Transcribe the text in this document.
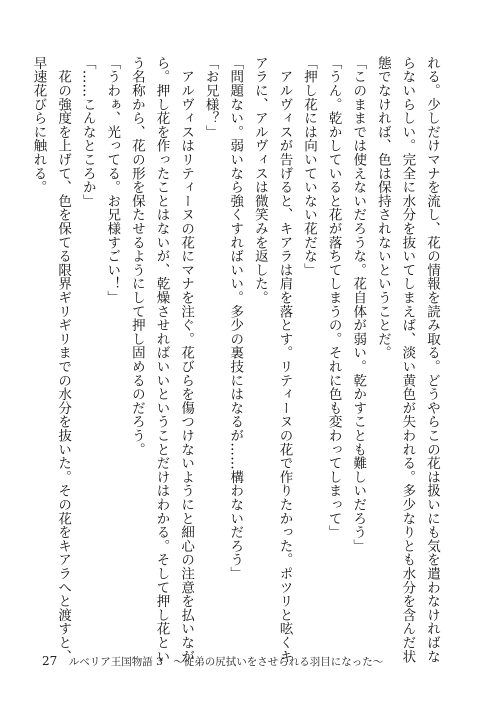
れる。少しだけマナを流し、花の情報を読み取る。どうやらこの花は扱いにも気を遣わなければな
らないらしい。完全に水分を抜いてしまえば、淡い黄色が失われる。多少なりとも水分を含んだ状
態でなければ、色は保持されないということだ。
「このままでは使えないだろうな。花自体が弱い。乾かすことも難しいだろう」
「うん。乾かしていると花が落ちてしまうの。それに色も変わってしまって」
「押し花には向いていない花だな」
　アルヴィスが告げると、キアラは肩を落とす。リティーヌの花で作りたかった。ポツリと呟くキ
アラに、アルヴィスは微笑みを返した。
「問題ない。弱いなら強くすればいい。多少の裏技にはなるが……構わないだろう」
「お兄様？」
　アルヴィスはリティーヌの花にマナを注ぐ。花びらを傷つけないようにと細心の注意を払いなが
ら。押し花を作ったことはないが、乾燥させればいいということだけはわかる。そして押し花とい
う名称から、花の形を保たせるようにして押し固めるのだろう。
「うわぁ、光ってる。お兄様すごい！」
「……こんなところか」
　花の強度を上げて、色を保てる限界ギリギリまでの水分を抜いた。その花をキアラへと渡すと、
早速花びらに触れる。
27 ルベリア王国物語 3　～従弟の尻拭いをさせられる羽目になった～
